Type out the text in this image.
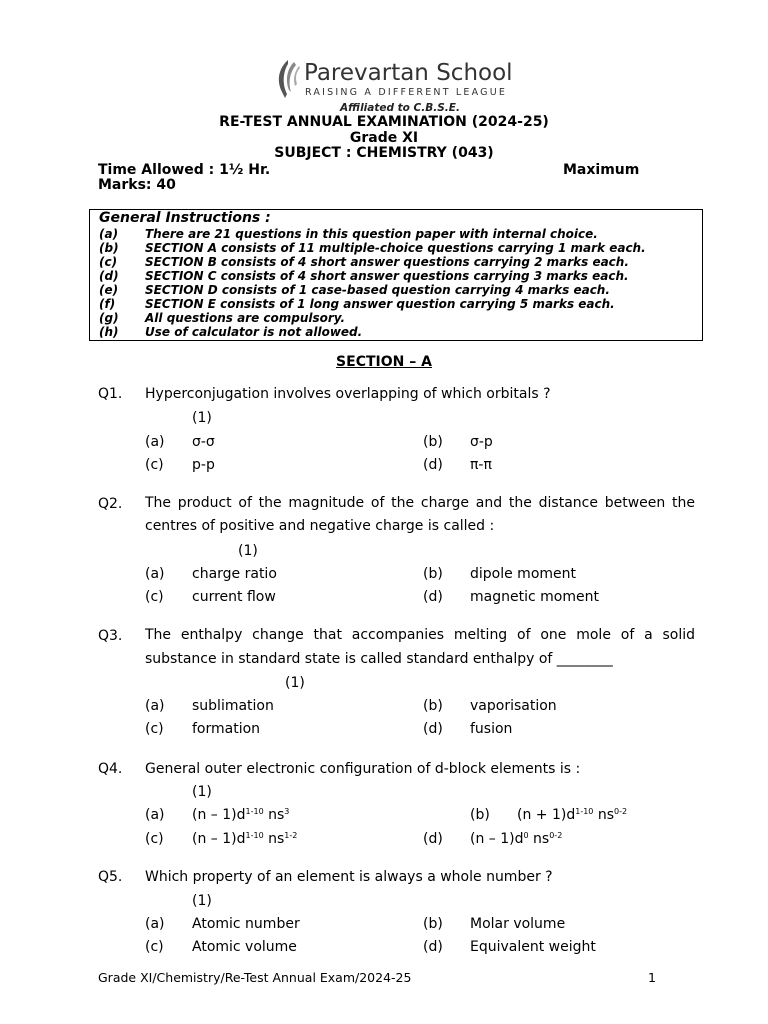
Parevartan School
RAISING A DIFFERENT LEAGUE
Affiliated to C.B.S.E.
RE-TEST ANNUAL EXAMINATION (2024-25)
Grade XI
SUBJECT : CHEMISTRY (043)
Time Allowed : 1½ Hr.	Maximum
Marks: 40
General Instructions :
(a) There are 21 questions in this question paper with internal choice.
(b) SECTION A consists of 11 multiple-choice questions carrying 1 mark each.
(c) SECTION B consists of 4 short answer questions carrying 2 marks each.
(d) SECTION C consists of 4 short answer questions carrying 3 marks each.
(e) SECTION D consists of 1 case-based question carrying 4 marks each.
(f) SECTION E consists of 1 long answer question carrying 5 marks each.
(g) All questions are compulsory.
(h) Use of calculator is not allowed.
SECTION – A
Q1. Hyperconjugation involves overlapping of which orbitals ?
(1)
(a) σ-σ	(b) σ-p
(c) p-p	(d) π-π
Q2. The product of the magnitude of the charge and the distance between the
centres of positive and negative charge is called :
(1)
(a) charge ratio	(b) dipole moment
(c) current flow	(d) magnetic moment
Q3. The enthalpy change that accompanies melting of one mole of a solid
substance in standard state is called standard enthalpy of ________
(1)
(a) sublimation	(b) vaporisation
(c) formation	(d) fusion
Q4. General outer electronic configuration of d-block elements is :
(1)
(a) $(n - 1)d^{1-10}$ $ns^3$	(b) $(n + 1)d^{1-10}$ $ns^{0-2}$
(c) $(n - 1)d^{1-10}$ $ns^{1-2}$	(d) $(n - 1)d^0$ $ns^{0-2}$
Q5. Which property of an element is always a whole number ?
(1)
(a) Atomic number	(b) Molar volume
(c) Atomic volume	(d) Equivalent weight
Grade XI/Chemistry/Re-Test Annual Exam/2024-25	1
